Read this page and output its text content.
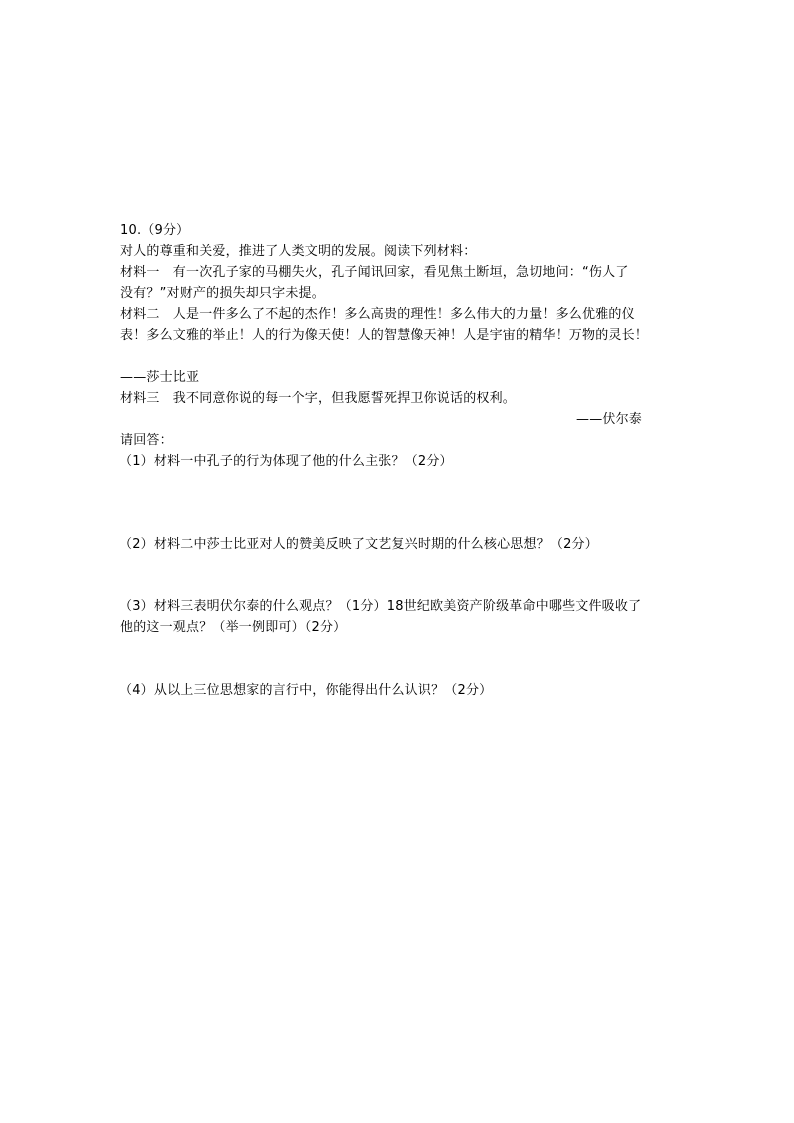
10.（9分）
对人的尊重和关爱，推进了人类文明的发展。阅读下列材料：
材料一　有一次孔子家的马棚失火，孔子闻讯回家，看见焦土断垣，急切地问：“伤人了
没有？”对财产的损失却只字未提。
材料二　人是一件多么了不起的杰作！多么高贵的理性！多么伟大的力量！多么优雅的仪
表！多么文雅的举止！人的行为像天使！人的智慧像天神！人是宇宙的精华！万物的灵长！
——莎士比亚
材料三　我不同意你说的每一个字，但我愿誓死捍卫你说话的权利。
——伏尔泰
请回答：
（1）材料一中孔子的行为体现了他的什么主张？（2分）
（2）材料二中莎士比亚对人的赞美反映了文艺复兴时期的什么核心思想？（2分）
（3）材料三表明伏尔泰的什么观点？（1分）18世纪欧美资产阶级革命中哪些文件吸收了
他的这一观点？（举一例即可）（2分）
（4）从以上三位思想家的言行中，你能得出什么认识？（2分）
